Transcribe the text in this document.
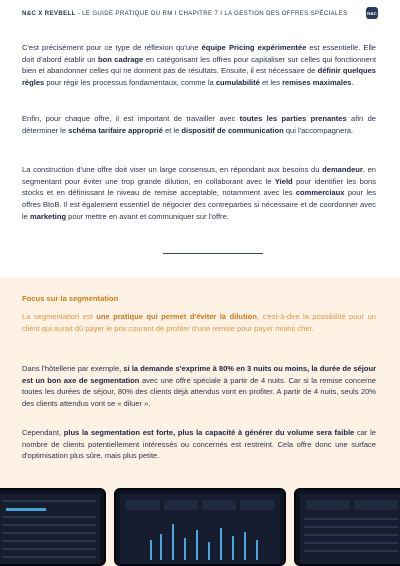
N&C X REVBELL - LE GUIDE PRATIQUE DU RM I CHAPITRE 7 I LA GESTION DES OFFRES SPÉCIALES	N&C
C'est précisément pour ce type de réflexion qu'une équipe Pricing expérimentée est essentielle. Elle doit d'abord établir un bon cadrage en catégorisant les offres pour capitaliser sur celles qui fonctionnent bien et abandonner celles qui ne donnent pas de résultats. Ensuite, il est nécessaire de définir quelques règles pour régir les processus fondamentaux, comme la cumulabilité et les remises maximales.
Enfin, pour chaque offre, il est important de travailler avec toutes les parties prenantes afin de déterminer le schéma tarifaire approprié et le dispositif de communication qui l'accompagnera.
La construction d'une offre doit viser un large consensus, en répondant aux besoins du demandeur, en segmentant pour éviter une trop grande dilution, en collaborant avec le Yield pour identifier les bons stocks et en définissant le niveau de remise acceptable, notamment avec les commerciaux pour les offres BtoB. Il est également essentiel de négocier des contreparties si nécessaire et de coordonner avec le marketing pour mettre en avant et communiquer sur l'offre.
Focus sur la segmentation
La segmentation est une pratique qui permet d'éviter la dilution, c'est-à-dire la possibilité pour un client qui aurait dû payer le prix courant de profiter d'une remise pour payer moins cher.
Dans l'hôtellerie par exemple, si la demande s'exprime à 80% en 3 nuits ou moins, la durée de séjour est un bon axe de segmentation avec une offre spéciale à partir de 4 nuits. Car si la remise concerne toutes les durées de séjour, 80% des clients déjà attendus vont en profiter. A partir de 4 nuits, seuls 20% des clients attendus vont se « diluer ».
Cependant, plus la segmentation est forte, plus la capacité à générer du volume sera faible car le nombre de clients potentiellement intéressés ou concernés est restreint. Cela offre donc une surface d'optimisation plus sûre, mais plus petite.
